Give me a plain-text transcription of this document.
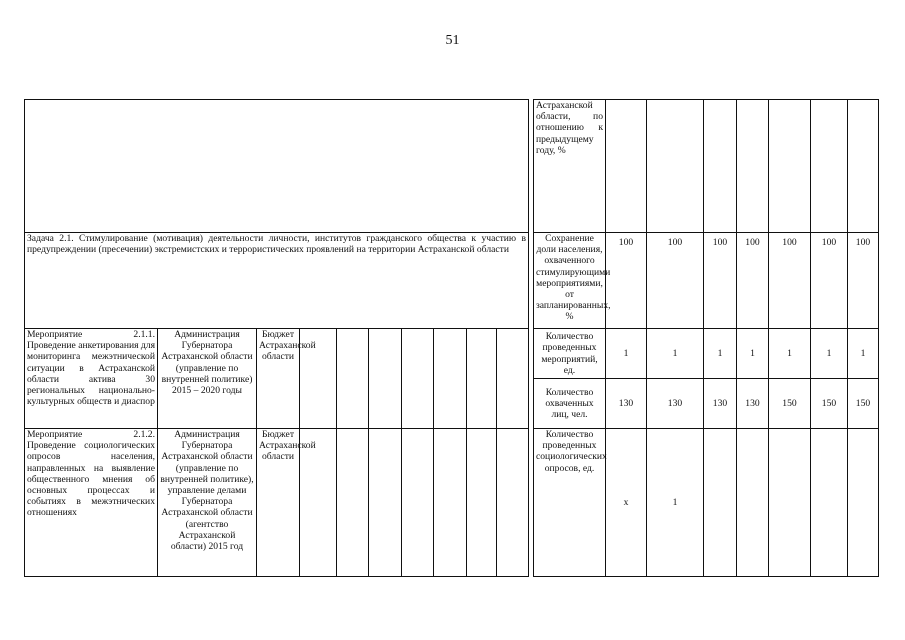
51
											Астраханской области, по отношению к предыдущему году, %							
Задача 2.1. Стимулирование (мотивация) деятельности личности, институтов гражданского общества к участию в предупреждении (пресечении) экстремистских и террористических проявлений на территории Астраханской области											Сохранение доли населения, охваченного стимулирующими мероприятиями, от запланированных, %	100	100	100	100	100	100	100
Мероприятие 2.1.1. Проведение анкетирования для мониторинга межэтнической ситуации в Астраханской области актива 30 региональных национально-культурных обществ и диаспор	Администрация Губернатора Астраханской области (управление по внутренней политике) 2015 – 2020 годы	Бюджет Астраханской области									Количество проведенных мероприятий, ед.	1	1	1	1	1	1	1
											Количество охваченных лиц, чел.	130	130	130	130	150	150	150
Мероприятие 2.1.2. Проведение социологических опросов населения, направленных на выявление общественного мнения об основных процессах и событиях в межэтнических отношениях	Администрация Губернатора Астраханской области (управление по внутренней политике), управление делами Губернатора Астраханской области (агентство Астраханской области) 2015 год	Бюджет Астраханской области									Количество проведенных социологических опросов, ед.	х	1					
